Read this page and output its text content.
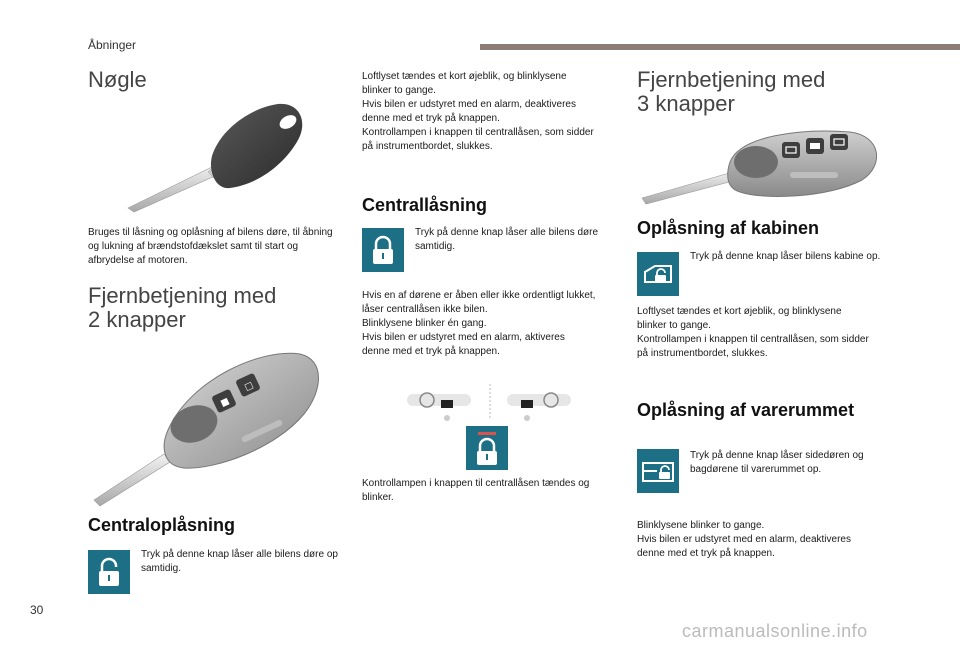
Åbninger
Nøgle

Bruges til låsning og oplåsning af bilens døre, til åbning og lukning af brændstofdækslet samt til start og afbrydelse af motoren.

Fjernbetjening med
2 knapper
■
□
Centraloplåsning

Tryk på denne knap låser alle bilens døre op samtidig.

Loftlyset tændes et kort øjeblik, og blinklysene
blinker to gange.
Hvis bilen er udstyret med en alarm, deaktiveres
denne med et tryk på knappen.
Kontrollampen i knappen til centrallåsen, som sidder
på instrumentbordet, slukkes.
Centrallåsning

Tryk på denne knap låser alle bilens døre samtidig.

Hvis en af dørene er åben eller ikke ordentligt lukket,
låser centrallåsen ikke bilen.
Blinklysene blinker én gang.
Hvis bilen er udstyret med en alarm, aktiveres
denne med et tryk på knappen.

Kontrollampen i knappen til centrallåsen tændes og blinker.

Fjernbetjening med
3 knapper
Oplåsning af kabinen

Tryk på denne knap låser bilens kabine op.

Loftlyset tændes et kort øjeblik, og blinklysene
blinker to gange.
Kontrollampen i knappen til centrallåsen, som sidder
på instrumentbordet, slukkes.
Oplåsning af varerummet

Tryk på denne knap låser sidedøren og bagdørene til varerummet op.

Blinklysene blinker to gange.
Hvis bilen er udstyret med en alarm, deaktiveres
denne med et tryk på knappen.
30
carmanualsonline.info
